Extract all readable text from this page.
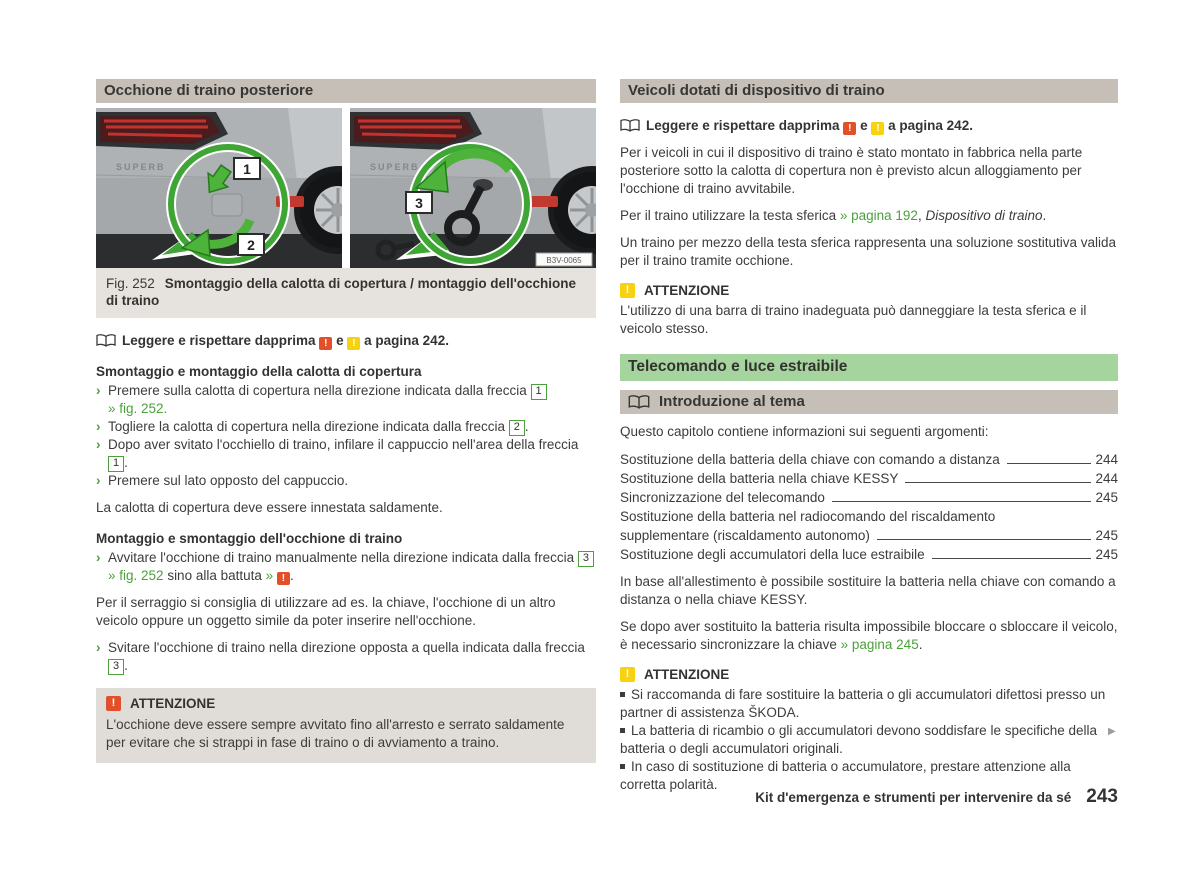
Occhione di traino posteriore
SUPERB	1
2
SUPERB
3
B3V-0065
Fig. 252 Smontaggio della calotta di copertura / montaggio dell'occhione di traino
Leggere e rispettare dapprima ! e ! a pagina 242.
Smontaggio e montaggio della calotta di copertura
› Premere sulla calotta di copertura nella direzione indicata dalla freccia 1
» fig. 252.
› Togliere la calotta di copertura nella direzione indicata dalla freccia 2 .
› Dopo aver svitato l'occhiello di traino, infilare il cappuccio nell'area della freccia 1 .
› Premere sul lato opposto del cappuccio.
La calotta di copertura deve essere innestata saldamente.
Montaggio e smontaggio dell'occhione di traino
› Avvitare l'occhione di traino manualmente nella direzione indicata dalla freccia 3 » fig. 252 sino alla battuta » ! .
Per il serraggio si consiglia di utilizzare ad es. la chiave, l'occhione di un altro veicolo oppure un oggetto simile da poter inserire nell'occhione.
› Svitare l'occhione di traino nella direzione opposta a quella indicata dalla freccia 3 .
! ATTENZIONE
L'occhione deve essere sempre avvitato fino all'arresto e serrato saldamente per evitare che si strappi in fase di traino o di avviamento a traino.
Veicoli dotati di dispositivo di traino
Leggere e rispettare dapprima ! e ! a pagina 242.
Per i veicoli in cui il dispositivo di traino è stato montato in fabbrica nella parte posteriore sotto la calotta di copertura non è previsto alcun alloggiamento per l'occhione di traino avvitabile.
Per il traino utilizzare la testa sferica » pagina 192, Dispositivo di traino.
Un traino per mezzo della testa sferica rappresenta una soluzione sostitutiva valida per il traino tramite occhione.
! ATTENZIONE
L'utilizzo di una barra di traino inadeguata può danneggiare la testa sferica e il veicolo stesso.
Telecomando e luce estraibile
Introduzione al tema
Questo capitolo contiene informazioni sui seguenti argomenti:
Sostituzione della batteria della chiave con comando a distanza	244
Sostituzione della batteria nella chiave KESSY	244
Sincronizzazione del telecomando	245
Sostituzione della batteria nel radiocomando del riscaldamento
supplementare (riscaldamento autonomo)	245
Sostituzione degli accumulatori della luce estraibile	245
In base all'allestimento è possibile sostituire la batteria nella chiave con comando a distanza o nella chiave KESSY.
Se dopo aver sostituito la batteria risulta impossibile bloccare o sbloccare il veicolo, è necessario sincronizzare la chiave » pagina 245.
! ATTENZIONE
Si raccomanda di fare sostituire la batteria o gli accumulatori difettosi presso un partner di assistenza ŠKODA.
La batteria di ricambio o gli accumulatori devono soddisfare le specifiche della batteria o degli accumulatori originali.
In caso di sostituzione di batteria o accumulatore, prestare attenzione alla corretta polarità.
▶
Kit d'emergenza e strumenti per intervenire da sé 243
